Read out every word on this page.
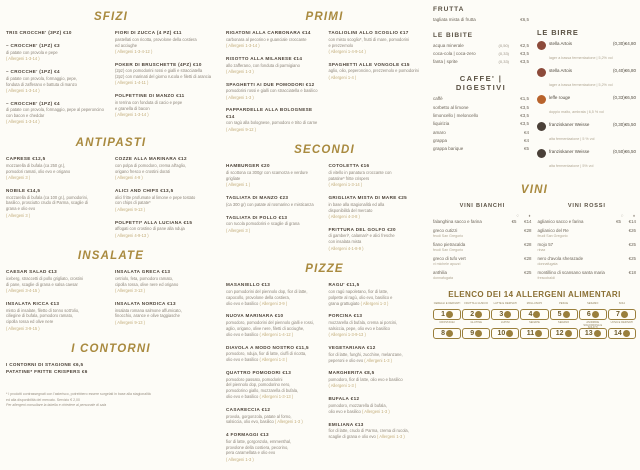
SFIZI
TRIS CROCCHE' (3PZ) €10
– CROCCHE' (1PZ) €3
di patate con provola e pepe
( Allergeni 1-3-14 )
– CROCCHE' (1PZ) €4
di patate con provola, formaggio, pepe,
fonduta di zafferano e battuta di manzo
( Allergeni 1-3-14 )
– CROCCHE' (1PZ) €4
di patate con provola, formaggio, pepe al peperoncino con bacon e cheddar
( Allergeni 1-3-14 )
FIORI DI ZUCCA (4 PZ) €11
pastellati con ricotta, provolone della costiera
ed acciughe
( Allergeni 1-3-4-12 )
POKER DI BRUSCHETTE (4PZ) €10
(2pz) con pomodorini rossi e gialli e stracciatella
(2pz) con marinati del giorno rucola e filetti di arancia
( Allergeni 1-4-11 )
POLPETTINE DI MANZO €11
in terrina con fonduta di cacio e pepe
e granella di bacon
( Allergeni 1-3-14 )
ANTIPASTI
CAPRESE €12,5
mozzarella di bufala (ca 250 gr.),
pomodori ramati, olio evo e origano
( Allergeni 3 )
NOBILE €14,5
mozzarella di bufala (ca 100 gr.), pomodorini,
basilico, prosciutto crudo di Parma, scaglie di
grana e olio evo
( Allergeni 3 )
COZZE ALLA MARINARA €12
con polpa di pomodoro, crema all'aglio,
origano fresco e crostini dorati
( Allergeni 4-9 )
ALICI AND CHIPS €13,5
alici fritte profumate al limone e pepe tostato
con chips di patate*
( Allergeni 9-13 )
POLPETTI* ALLA LUCIANA €15
affogati con crostino di pane alla nduja
( Allergeni 4-9-13 )
INSALATE
CAESAR SALAD €13
iceberg, straccetti di pollo grigliato, crostini
di pane, scaglie di grana e salsa caesar
( Allergeni 3-4-15 )
INSALATA RICCA €13
misto di insalate, filetto di tonno sott'olio,
ciliegine di bufala, pomodoro ramato,
cipolla rossa ed olive nere
( Allergeni 3-9-15 )
INSALATA GRECA €13
cetriolo, feta, pomodoro ramato,
cipolla rossa, olive nere ed origano
( Allergeni 3-13 )
INSALATA NORDICA €13
insalata romana salmone affumicato,
finocchio, arance e olive taggiasche
( Allergeni 9-13 )
I CONTORNI
I CONTORNI DI STAGIONE €6,5
PATATINE* FRITTE CRISPERS €6
* I prodotti contrassegnati con l'asterisco, potrebbero essere surgelati in base alla stagionalità
ed alla disponibilità del mercato. Servizio € 2,00
Per allergeni consultare la tabella e chiedere al personale di sala
PRIMI
RIGATONI ALLA CARBONARA €14
carbonara al pecorino e guanciale croccante
( Allergeni 1-3-14 )
RISOTTO ALLA MILANESE €14
allo zafferano, con fonduta di parmigiano
( Allergeni 1-3 )
SPAGHETTI AI DUE POMODORI €12
pomodorini rossi e gialli con stracciatella e basilico
( Allergeni 1-3 )
PAPPARDELLE ALLA BOLOGNESE €14
con ragù alla bolognese, pomodoro e trito di carne
( Allergeni 9-12 )
TAGLIOLINI ALLO SCOGLIO €17
con misto scoglio*, frutti di mare, pomodorini
e prezzemolo
( Allergeni 1-4-9-14 )
SPAGHETTI ALLE VONGOLE €15
aglio, olio, peperoncino, prezzemolo e pomodorini
( Allergeni 1-4 )
SECONDI
HAMBURGER €20
di scottona ca 300gr con scamorza e verdure
grigliate
( Allergeni 1 )
TAGLIATA DI MANZO €23
(ca 300 gr) con patate al rosmarino e misticanza
TAGLIATA DI POLLO €13
con rucola pomodorini e scaglie di grana
( Allergeni 3 )
COTOLETTA €16
di vitello in panatura croccante con
patatine* fritte crispers
( Allergeni 1-3-14 )
GRIGLIATA MISTA DI MARE €25
in base alla stagionalità ed alla
disponibilità del mercato
( Allergeni 4-3-8 )
FRITTURA DEL GOLFO €20
di gamberi*, calamari* e alici fresche
con insalata mista
( Allergeni 4-1-8-9 )
PIZZE
MASANIELLO €13
con pomodorini del piennolo dop, fior di latte,
capocollo, provolone della costiera,
olio evo e basilico ( Allergeni 3-9 )
NUOVA MARINARA €10
pomodoro, pomodorini del piennolo gialli e rossi,
aglio, origano, olive nere, filetti di acciughe,
olio evo e basilico ( Allergeni 1-4-12 )
DIAVOLA A MODO NOSTRO €11,5
pomodoro, nduja, fior di latte, ciuffi di ricotta,
olio evo e basilico ( Allergeni 1-3 )
QUATTRO POMODORI €13
pomodoro passato, pomodorini
del piennolo dop, pomodorino nero,
pomodorino giallo, mozzarella di bufala,
olio evo e basilico ( Allergeni 1-3-13 )
CASARECCIA €12
provola, gorgonzola, patate al forno,
salsiccia, olio evo, basilico ( Allergeni 1-3 )
4 FORMAGGI €13
fior di latte, gorgonzola, emmenthal,
provolone della costiera, pecorino,
pera caramellata e olio evo
( Allergeni 1-3 )
RAGU' €11,5
con ragù napoletano, fior di latte,
polpette al ragù, olio evo, basilico e
grana grattugiato ( Allergeni 1-3 )
PORCINA €13
mozzarella di bufala, crema ai porcini,
salsiccia, pepe, olio evo e basilico
( Allergeni 1-3-9-13 )
VEGETARIANA €12
fior di latte, funghi, zucchine, melanzane,
peperoni e olio evo ( Allergeni 1-3 )
MARGHERITA €8,5
pomodoro, fior di latte, olio evo e basilico
( Allergeni 1-3 )
BUFALA €12
pomodoro, mozzarella di bufala,
olio evo e basilico ( Allergeni 1-3 )
EMILIANA €13
fior di latte, crudo di Parma, crema di rucola,
scaglie di grana e olio evo ( Allergeni 1-3 )
FRUTTA
tagliata mista di frutta	€6,5
LE BIBITE
acqua minerale	(0,50)	€2,5
coca-cola | coca-zero	(0,33)	€3,5
fanta | sprite	(0,33)	€3,5
CAFFE' | DIGESTIVI
caffè	€1,5
sorbetto al limone	€3,5
limoncello | meloncello	€3,5
liquirizia	€3,5
amaro	€4
grappa	€4
grappa barique	€5
LE BIRRE
stella Artois	(0,30) €4,80
lager a bassa fermentazione | 5,2% vol
stella Artois	(0,40) €6,80
lager a bassa fermentazione | 5,2% vol
leffe rouge	(0,33) €6,50
doppio malto, ambrata | 6,5 % vol
franziskaner Weisse	(0,30) €5,50
alta fermentazione | 5 % vol
franziskaner Weisse	(0,50) €6,50
alta fermentazione | 5% vol
VINI
VINI BIANCHI
♢ ♦
falanghina sacco e farina	€5	€14
greco cutizzi
feudi San Gregorio
€28
fiano pietracalda
feudi San Gregorio
€28
greco di tufo vert
vi michele apuzzi
€28
anthilia
donnafugata
€25
VINI ROSSI
♢ ♦
aglianico sacco e farina	€5	€14
aglianico del Re
feudi San Gregorio
€26
mojo 57
rinaz
€25
nero d'avola sherazade
donnafugata
€25
montillino di scansano santa maria
frescobaldi
€18
ELENCO DEI 14 ALLERGENI ALIMENTARI
CEREALI E DERIVATI
1
FRUTTA A GUSCIO
2
LATTE E DERIVATI
3
MOLLUSCHI
4
PESCE
5
SESAMO
6
SOIA
7
CROSTACEI
8
GLUTINE
9
LUPINI
10
SENAPE
11
SEDANO
12
ANIDRIDE SOLFOROSA E SOLFITI
13
UOVA E DERIVATI
14
